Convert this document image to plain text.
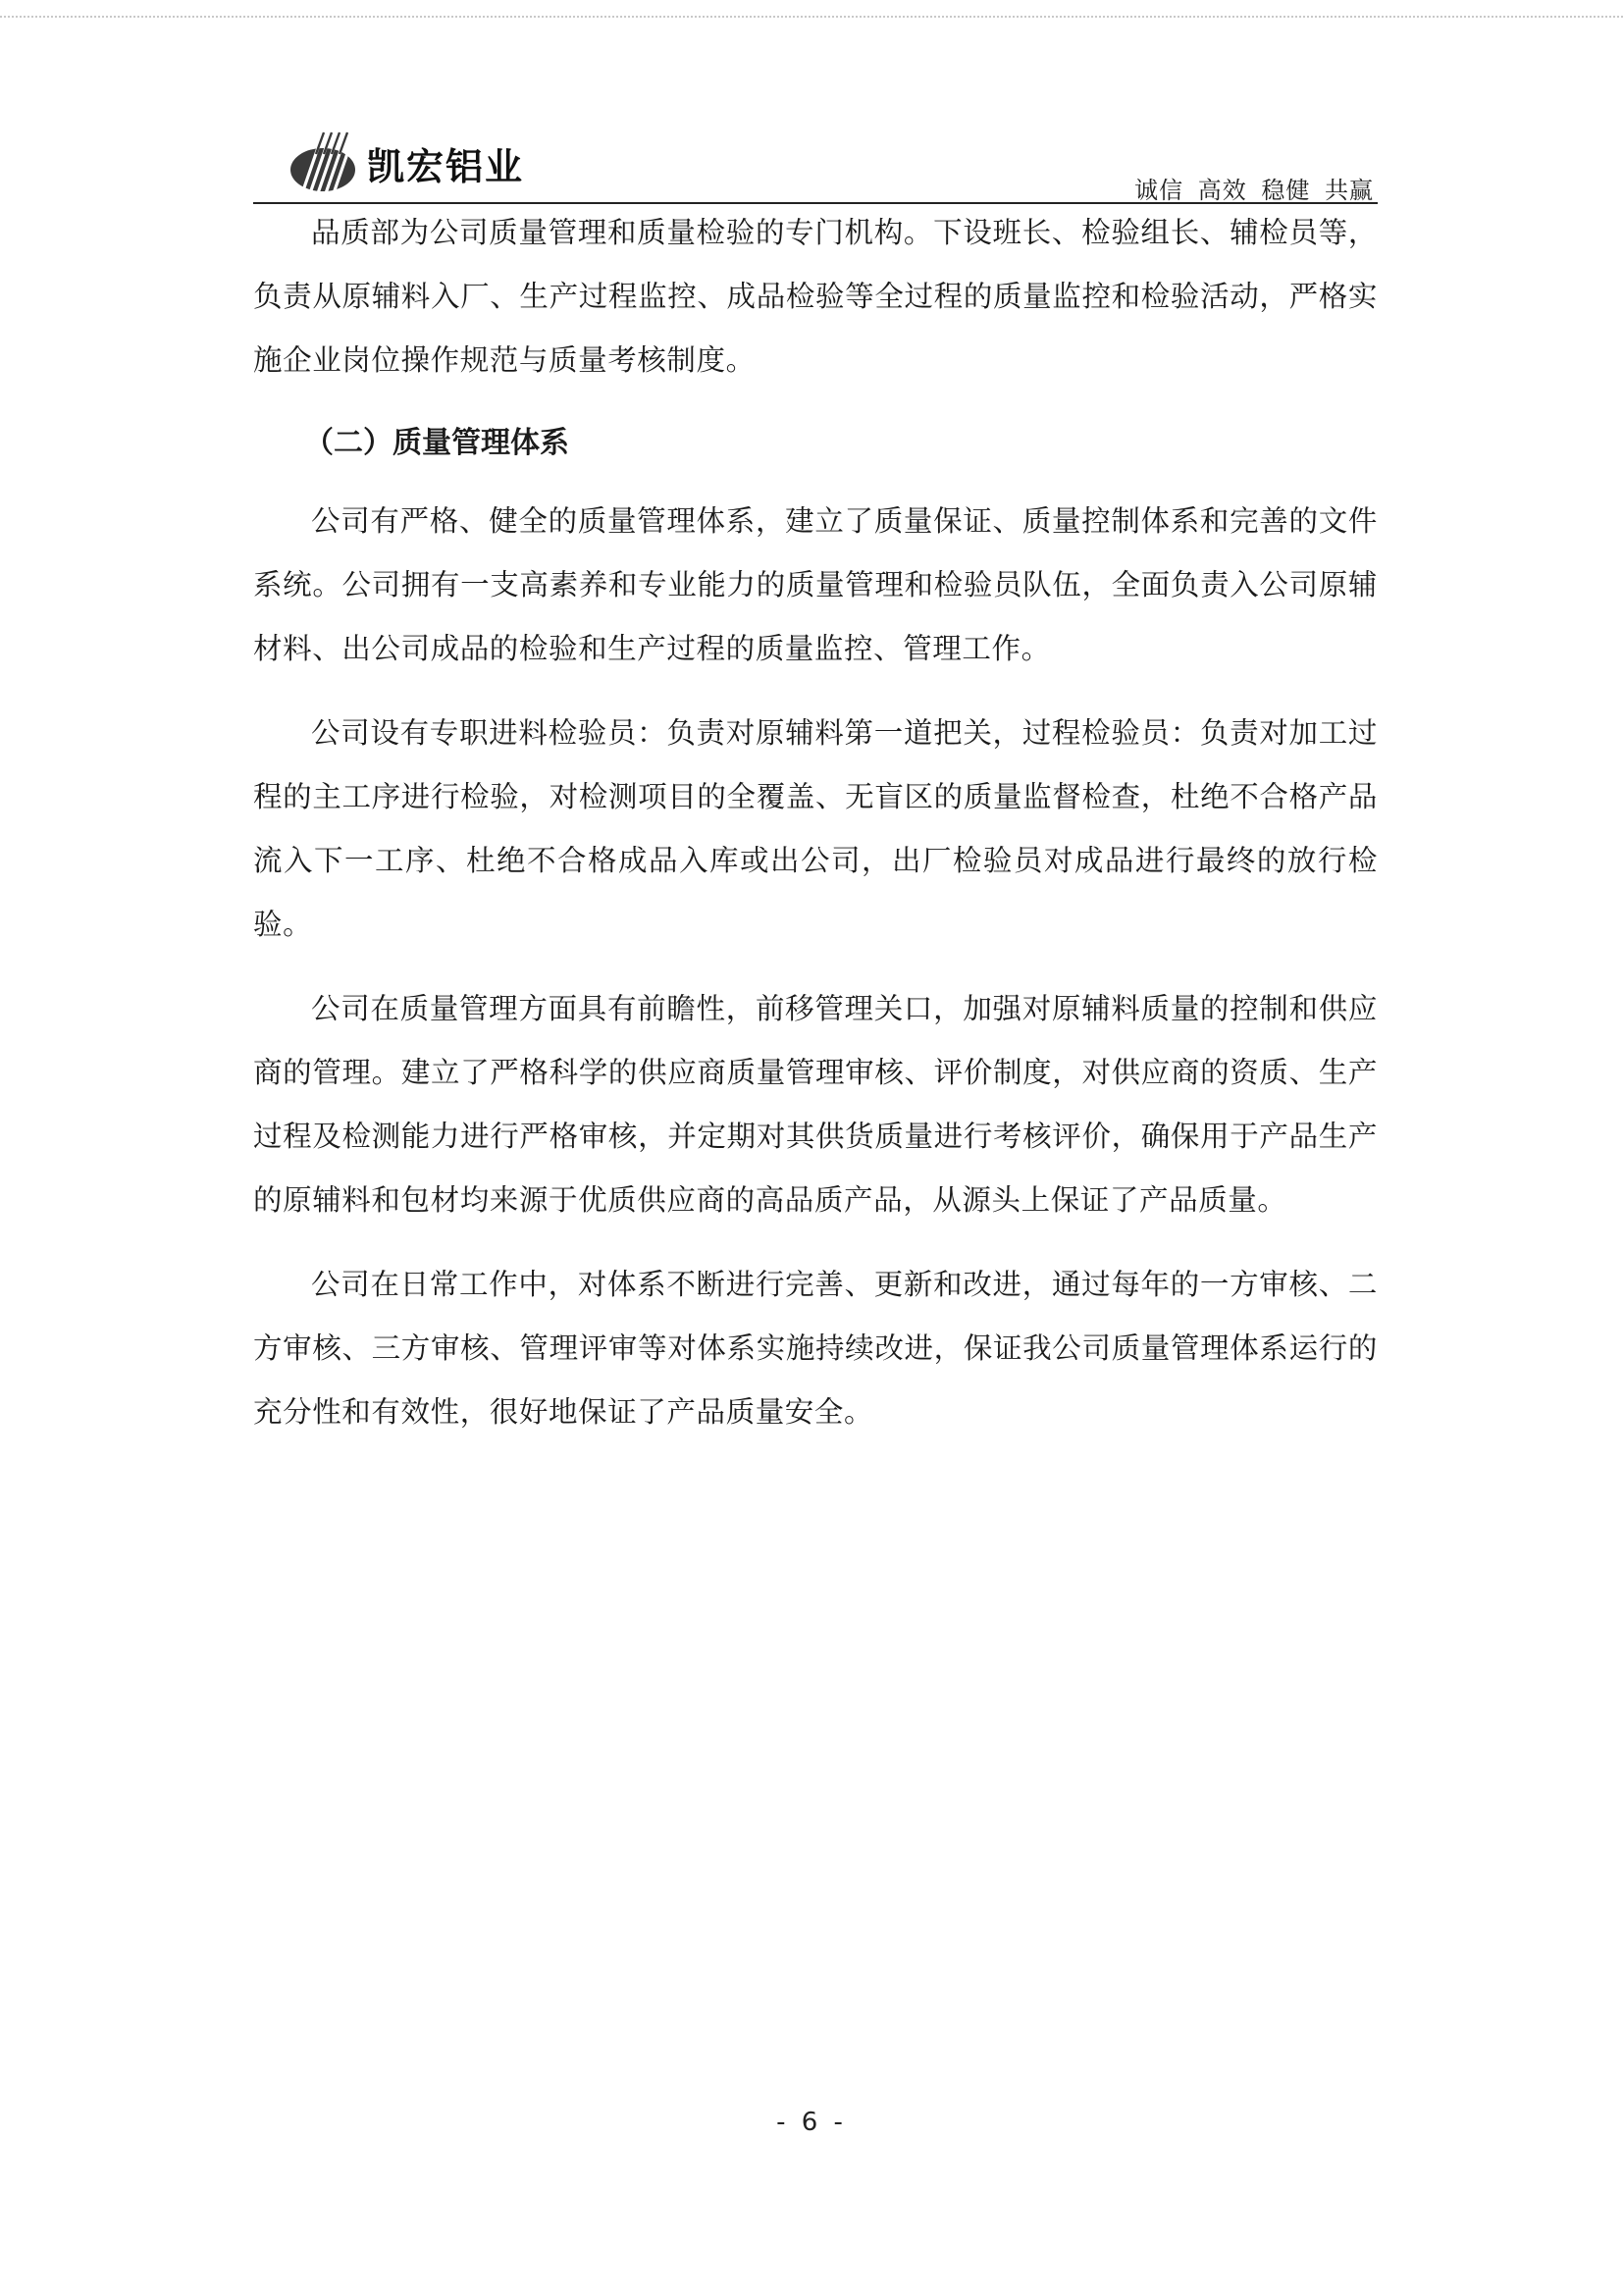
凯宏铝业
诚信 高效 稳健 共赢

品质部为公司质量管理和质量检验的专门机构。下设班长、检验组长、辅检员等，负责从原辅料入厂、生产过程监控、成品检验等全过程的质量监控和检验活动，严格实施企业岗位操作规范与质量考核制度。

（二）质量管理体系

公司有严格、健全的质量管理体系，建立了质量保证、质量控制体系和完善的文件系统。公司拥有一支高素养和专业能力的质量管理和检验员队伍，全面负责入公司原辅材料、出公司成品的检验和生产过程的质量监控、管理工作。

公司设有专职进料检验员：负责对原辅料第一道把关，过程检验员：负责对加工过程的主工序进行检验，对检测项目的全覆盖、无盲区的质量监督检查，杜绝不合格产品流入下一工序、杜绝不合格成品入库或出公司，出厂检验员对成品进行最终的放行检验。

公司在质量管理方面具有前瞻性，前移管理关口，加强对原辅料质量的控制和供应商的管理。建立了严格科学的供应商质量管理审核、评价制度，对供应商的资质、生产过程及检测能力进行严格审核，并定期对其供货质量进行考核评价，确保用于产品生产的原辅料和包材均来源于优质供应商的高品质产品，从源头上保证了产品质量。

公司在日常工作中，对体系不断进行完善、更新和改进，通过每年的一方审核、二方审核、三方审核、管理评审等对体系实施持续改进，保证我公司质量管理体系运行的充分性和有效性，很好地保证了产品质量安全。

- 6 -
